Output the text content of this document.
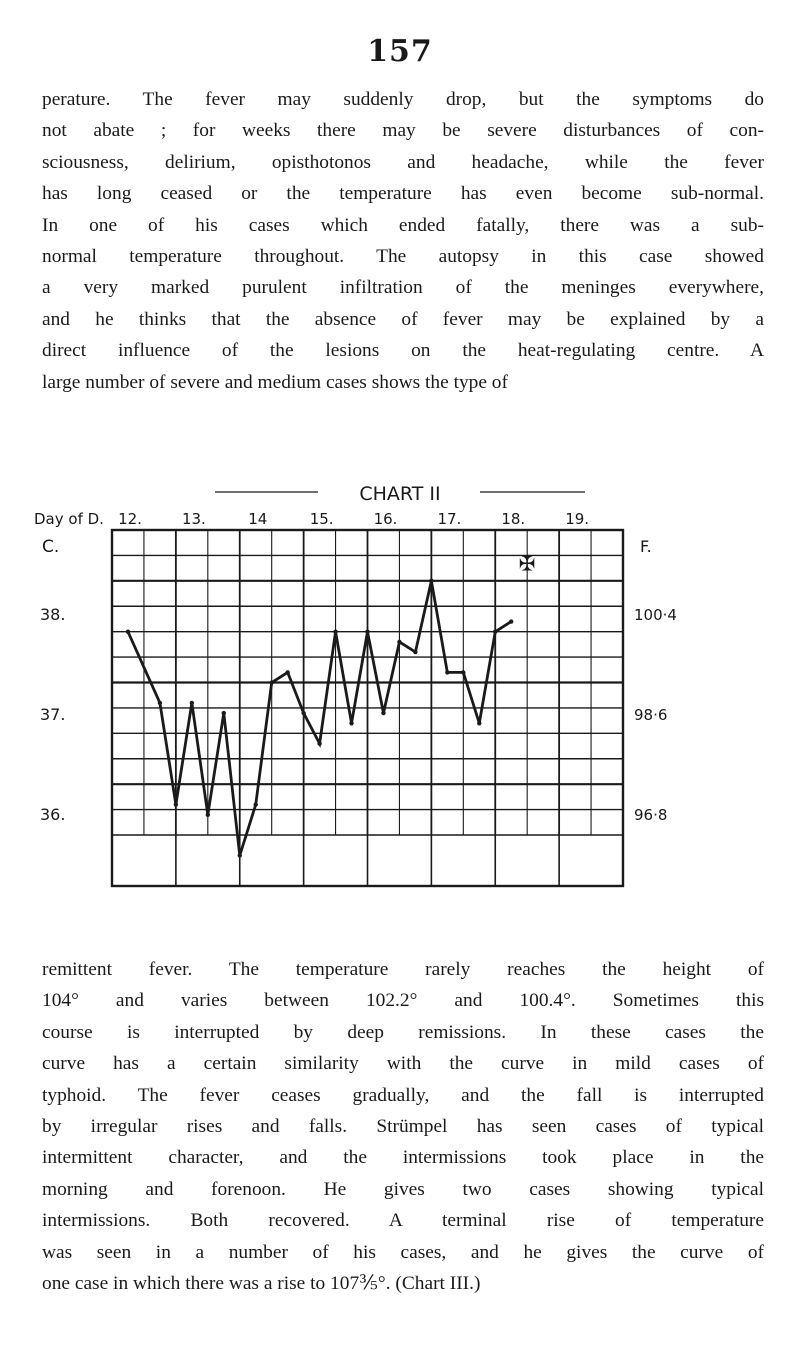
157
perature. The fever may suddenly drop, but the symptoms do
not abate ; for weeks there may be severe disturbances of con-
sciousness, delirium, opisthotonos and headache, while the fever
has long ceased or the temperature has even become sub-normal.
In one of his cases which ended fatally, there was a sub-
normal temperature throughout. The autopsy in this case showed
a very marked purulent infiltration of the meninges everywhere,
and he thinks that the absence of fever may be explained by a
direct influence of the lesions on the heat-regulating centre. A
large number of severe and medium cases shows the type of
CHART II
Day of D. 12.	13.	14	15.	16.	17.	18.	19.
C.
38.
37.
36.
F.
100·4
98·6
96·8
✠
remittent fever. The temperature rarely reaches the height of
104° and varies between 102.2° and 100.4°. Sometimes this
course is interrupted by deep remissions. In these cases the
curve has a certain similarity with the curve in mild cases of
typhoid. The fever ceases gradually, and the fall is interrupted
by irregular rises and falls. Strümpel has seen cases of typical
intermittent character, and the intermissions took place in the
morning and forenoon. He gives two cases showing typical
intermissions. Both recovered. A terminal rise of temperature
was seen in a number of his cases, and he gives the curve of
one case in which there was a rise to 107⅗°. (Chart III.)
